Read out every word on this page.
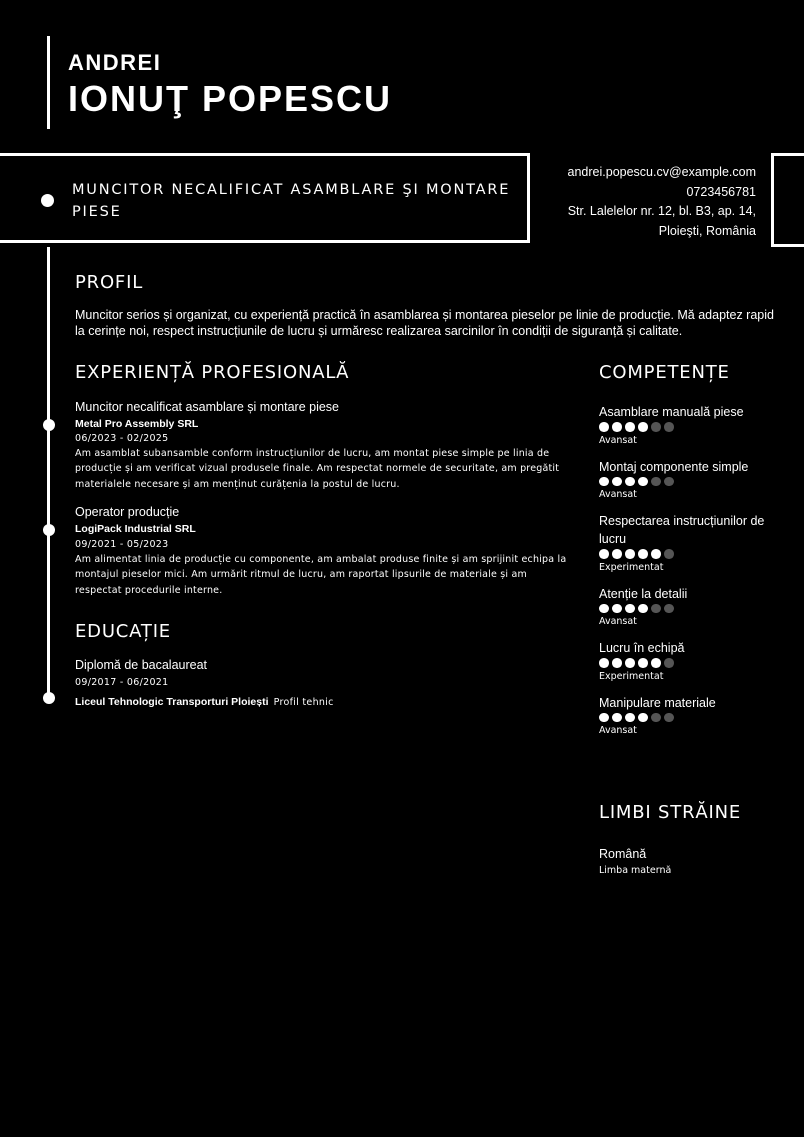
ANDREI
IONUŢ POPESCU
MUNCITOR NECALIFICAT ASAMBLARE ŞI MONTARE PIESE
andrei.popescu.cv@example.com
0723456781
Str. Lalelelor nr. 12, bl. B3, ap. 14,
Ploieşti, România
PROFIL
Muncitor serios și organizat, cu experiență practică în asamblarea și montarea pieselor pe linie de producție. Mă adaptez rapid la cerințe noi, respect instrucțiunile de lucru și urmăresc realizarea sarcinilor în condiții de siguranță și calitate.
EXPERIENȚĂ PROFESIONALĂ
Muncitor necalificat asamblare și montare piese
Metal Pro Assembly SRL
06/2023 - 02/2025
Am asamblat subansamble conform instrucțiunilor de lucru, am montat piese simple pe linia de producție și am verificat vizual produsele finale. Am respectat normele de securitate, am pregătit materialele necesare și am menținut curățenia la postul de lucru.
Operator producție
LogiPack Industrial SRL
09/2021 - 05/2023
Am alimentat linia de producție cu componente, am ambalat produse finite și am sprijinit echipa la montajul pieselor mici. Am urmărit ritmul de lucru, am raportat lipsurile de materiale și am respectat procedurile interne.
EDUCAȚIE
Diplomă de bacalaureat
09/2017 - 06/2021
Liceul Tehnologic Transporturi Ploiești Profil tehnic
COMPETENȚE
Asamblare manuală piese
Avansat
Montaj componente simple
Avansat
Respectarea instrucțiunilor de lucru
Experimentat
Atenție la detalii
Avansat
Lucru în echipă
Experimentat
Manipulare materiale
Avansat
LIMBI STRĂINE
Română
Limba maternă
